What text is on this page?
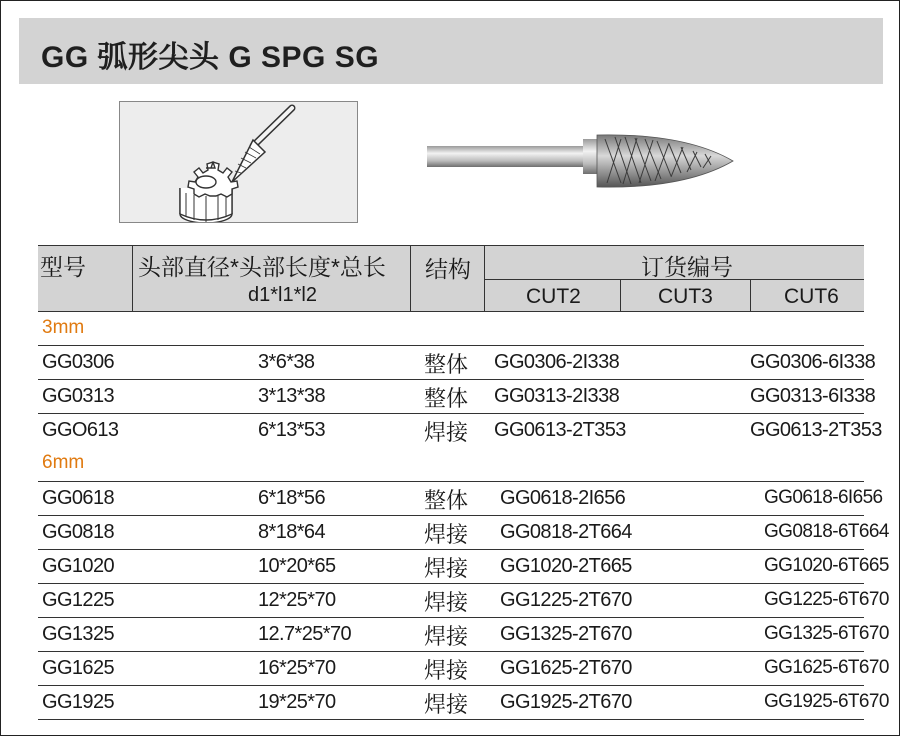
GG 弧形尖头 G SPG SG
型号 头部直径*头部长度*总长
d1*l1*l2
结构	订货编号
CUT2	CUT3	CUT6
3mm
GG0306	3*6*38	整体 GG0306-2I338	GG0306-6I338
GG0313	3*13*38	整体 GG0313-2I338	GG0313-6I338
GGO613	6*13*53	焊接 GG0613-2T353	GG0613-2T353
6mm
GG0618	6*18*56	整体 GG0618-2I656	GG0618-6I656
GG0818	8*18*64	焊接 GG0818-2T664	GG0818-6T664
GG1020	10*20*65	焊接 GG1020-2T665	GG1020-6T665
GG1225	12*25*70	焊接 GG1225-2T670	GG1225-6T670
GG1325	12.7*25*70	焊接 GG1325-2T670	GG1325-6T670
GG1625	16*25*70	焊接 GG1625-2T670	GG1625-6T670
GG1925	19*25*70	焊接 GG1925-2T670	GG1925-6T670
